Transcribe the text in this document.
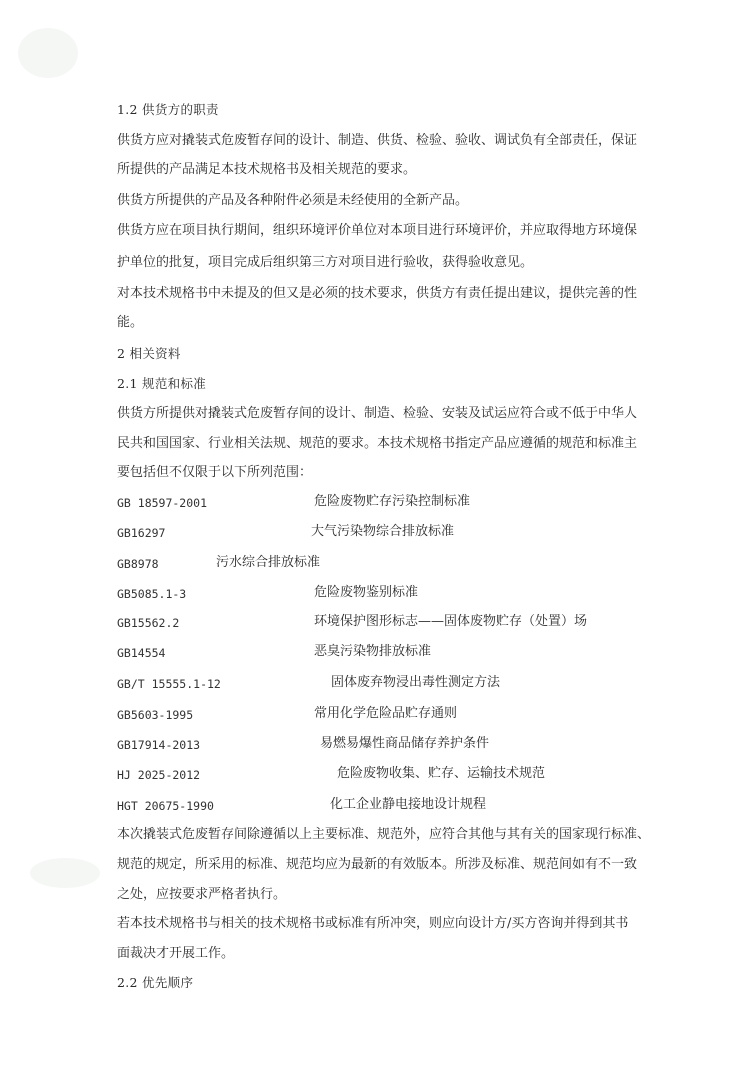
1.2 供货方的职责
供货方应对撬装式危废暂存间的设计、制造、供货、检验、验收、调试负有全部责任，保证
所提供的产品满足本技术规格书及相关规范的要求。
供货方所提供的产品及各种附件必须是未经使用的全新产品。
供货方应在项目执行期间，组织环境评价单位对本项目进行环境评价，并应取得地方环境保
护单位的批复，项目完成后组织第三方对项目进行验收，获得验收意见。
对本技术规格书中未提及的但又是必须的技术要求，供货方有责任提出建议，提供完善的性
能。
2 相关资料
2.1 规范和标准
供货方所提供对撬装式危废暂存间的设计、制造、检验、安装及试运应符合或不低于中华人
民共和国国家、行业相关法规、规范的要求。本技术规格书指定产品应遵循的规范和标准主
要包括但不仅限于以下所列范围：
GB 18597-2001	危险废物贮存污染控制标准
GB16297	大气污染物综合排放标准
GB8978	污水综合排放标准
GB5085.1-3	危险废物鉴别标准
GB15562.2	环境保护图形标志——固体废物贮存（处置）场
GB14554	恶臭污染物排放标准
GB/T 15555.1-12	固体废弃物浸出毒性测定方法
GB5603-1995	常用化学危险品贮存通则
GB17914-2013	易燃易爆性商品储存养护条件
HJ 2025-2012	危险废物收集、贮存、运输技术规范
HGT 20675-1990	化工企业静电接地设计规程
本次撬装式危废暂存间除遵循以上主要标准、规范外，应符合其他与其有关的国家现行标准、
规范的规定，所采用的标准、规范均应为最新的有效版本。所涉及标准、规范间如有不一致
之处，应按要求严格者执行。
若本技术规格书与相关的技术规格书或标准有所冲突，则应向设计方/买方咨询并得到其书
面裁决才开展工作。
2.2 优先顺序
